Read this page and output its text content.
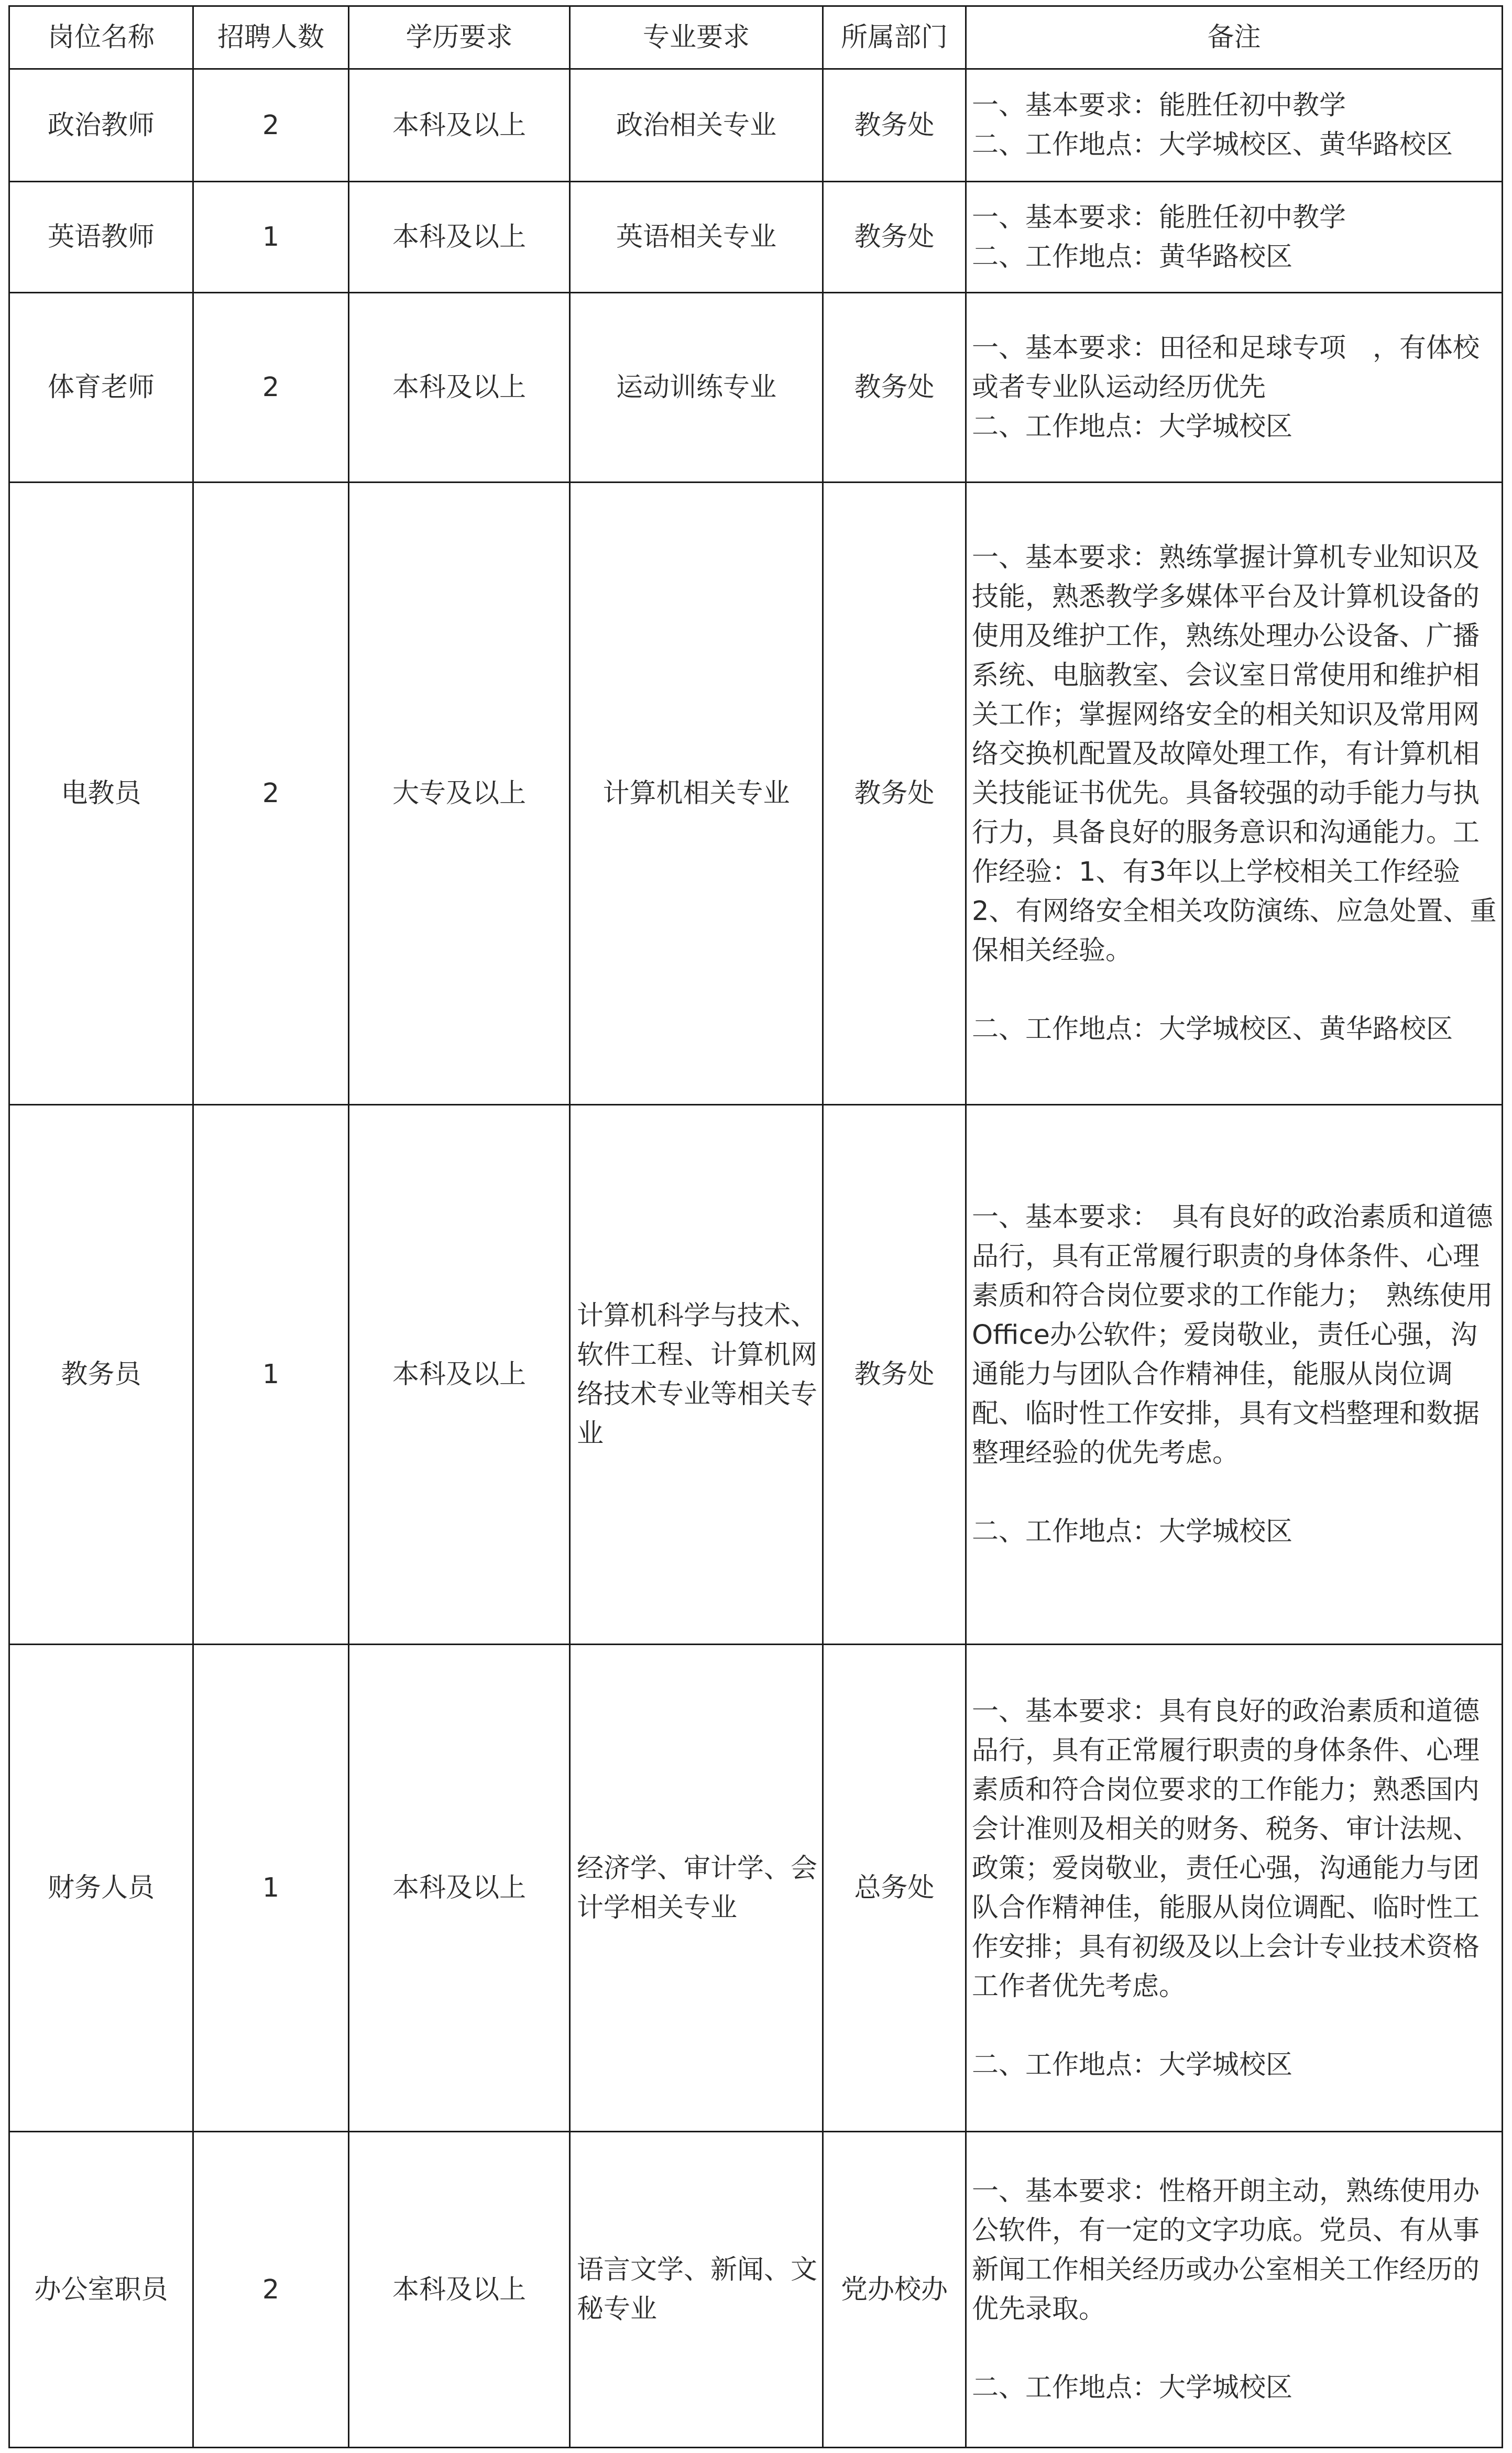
岗位名称	招聘人数	学历要求	专业要求	所属部门	备注
政治教师	2	本科及以上	政治相关专业	教务处	一、基本要求：能胜任初中教学

二、工作地点：大学城校区、黄华路校区

英语教师	1	本科及以上	英语相关专业	教务处	一、基本要求：能胜任初中教学

二、工作地点：黄华路校区

体育老师	2	本科及以上	运动训练专业	教务处	一、基本要求：田径和足球专项　，有体校或者专业队运动经历优先

二、工作地点：大学城校区

电教员	2	大专及以上	计算机相关专业	教务处	一、基本要求：熟练掌握计算机专业知识及技能，熟悉教学多媒体平台及计算机设备的使用及维护工作，熟练处理办公设备、广播系统、电脑教室、会议室日常使用和维护相关工作；掌握网络安全的相关知识及常用网络交换机配置及故障处理工作，有计算机相关技能证书优先。具备较强的动手能力与执行力，具备良好的服务意识和沟通能力。工作经验：1、有3年以上学校相关工作经验2、有网络安全相关攻防演练、应急处置、重保相关经验。

二、工作地点：大学城校区、黄华路校区

教务员	1	本科及以上	计算机科学与技术、软件工程、计算机网络技术专业等相关专业	教务处	一、基本要求：　具有良好的政治素质和道德品行，具有正常履行职责的身体条件、心理素质和符合岗位要求的工作能力；　熟练使用Office办公软件；爱岗敬业，责任心强，沟通能力与团队合作精神佳，能服从岗位调配、临时性工作安排，具有文档整理和数据整理经验的优先考虑。

二、工作地点：大学城校区

财务人员	1	本科及以上	经济学、审计学、会计学相关专业	总务处	一、基本要求：具有良好的政治素质和道德品行，具有正常履行职责的身体条件、心理素质和符合岗位要求的工作能力；熟悉国内会计准则及相关的财务、税务、审计法规、政策；爱岗敬业，责任心强，沟通能力与团队合作精神佳，能服从岗位调配、临时性工作安排；具有初级及以上会计专业技术资格工作者优先考虑。

二、工作地点：大学城校区

办公室职员	2	本科及以上	语言文学、新闻、文秘专业	党办校办	一、基本要求：性格开朗主动，熟练使用办公软件，有一定的文字功底。党员、有从事新闻工作相关经历或办公室相关工作经历的优先录取。

二、工作地点：大学城校区
